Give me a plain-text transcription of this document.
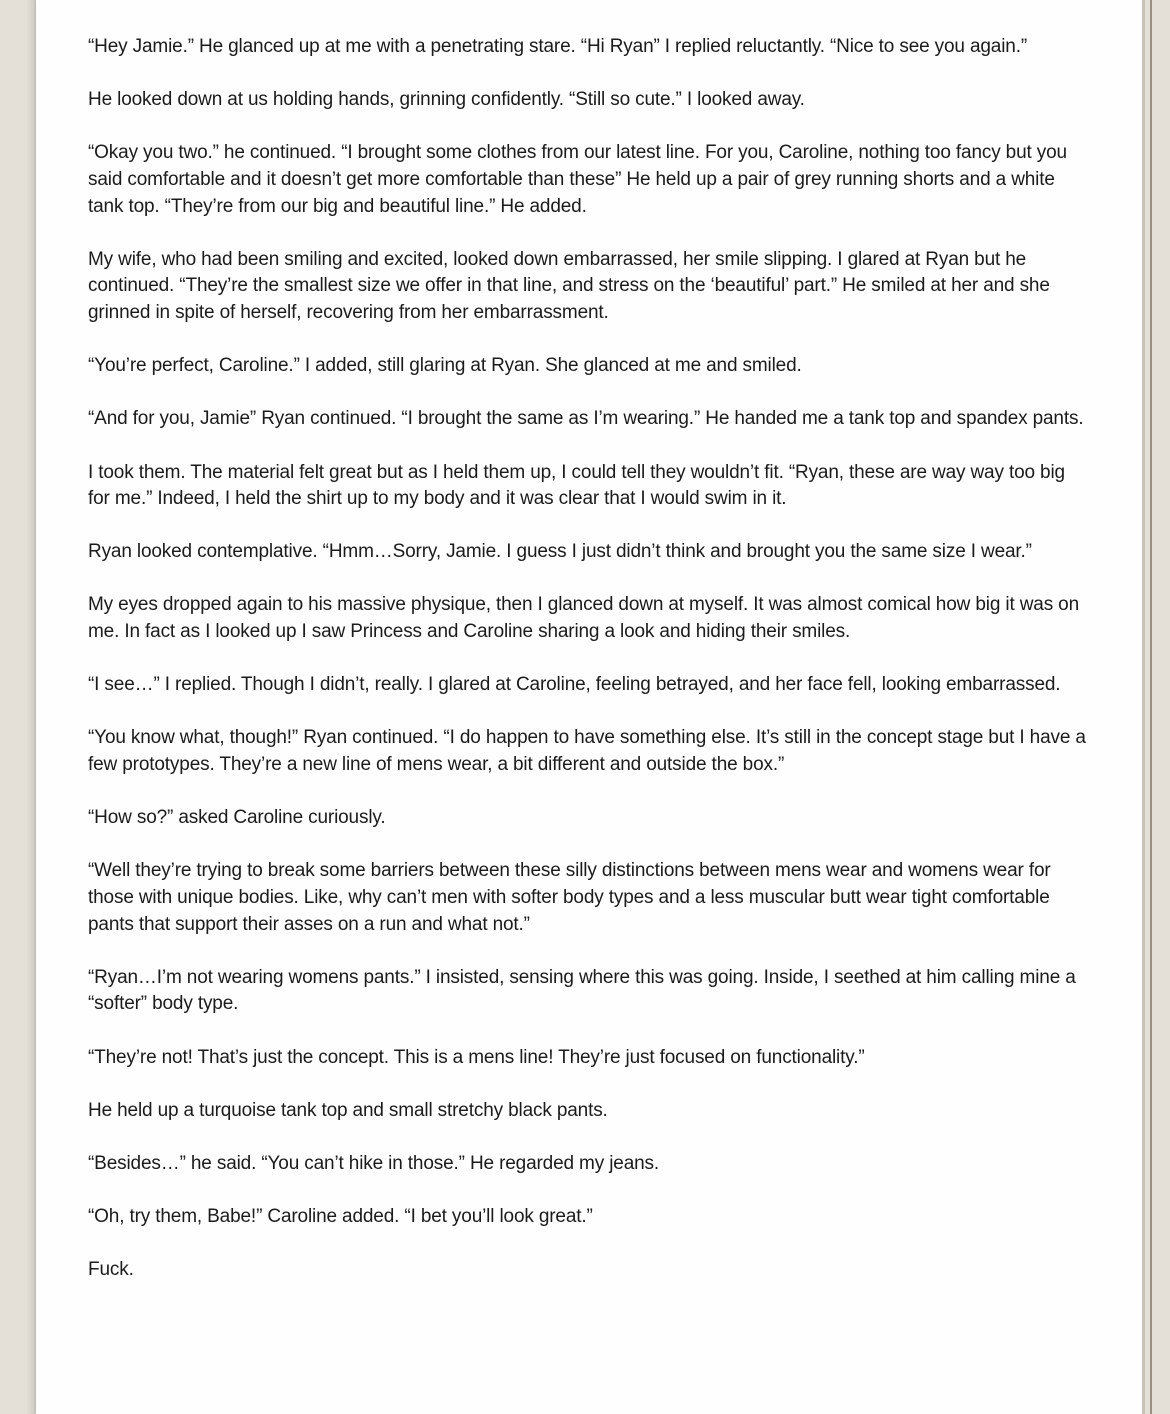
“Hey Jamie.” He glanced up at me with a penetrating stare. “Hi Ryan” I replied reluctantly. “Nice to see you again.”

He looked down at us holding hands, grinning confidently. “Still so cute.” I looked away.

“Okay you two.” he continued. “I brought some clothes from our latest line. For you, Caroline, nothing too fancy but you said comfortable and it doesn’t get more comfortable than these” He held up a pair of grey running shorts and a white tank top. “They’re from our big and beautiful line.” He added.

My wife, who had been smiling and excited, looked down embarrassed, her smile slipping. I glared at Ryan but he continued. “They’re the smallest size we offer in that line, and stress on the ‘beautiful’ part.” He smiled at her and she grinned in spite of herself, recovering from her embarrassment.

“You’re perfect, Caroline.” I added, still glaring at Ryan. She glanced at me and smiled.

“And for you, Jamie” Ryan continued. “I brought the same as I’m wearing.” He handed me a tank top and spandex pants.

I took them. The material felt great but as I held them up, I could tell they wouldn’t fit. “Ryan, these are way way too big for me.” Indeed, I held the shirt up to my body and it was clear that I would swim in it.

Ryan looked contemplative. “Hmm…Sorry, Jamie. I guess I just didn’t think and brought you the same size I wear.”

My eyes dropped again to his massive physique, then I glanced down at myself. It was almost comical how big it was on me. In fact as I looked up I saw Princess and Caroline sharing a look and hiding their smiles.

“I see…” I replied. Though I didn’t, really. I glared at Caroline, feeling betrayed, and her face fell, looking embarrassed.

“You know what, though!” Ryan continued. “I do happen to have something else. It’s still in the concept stage but I have a few prototypes. They’re a new line of mens wear, a bit different and outside the box.”

“How so?” asked Caroline curiously.

“Well they’re trying to break some barriers between these silly distinctions between mens wear and womens wear for those with unique bodies. Like, why can’t men with softer body types and a less muscular butt wear tight comfortable pants that support their asses on a run and what not.”

“Ryan…I’m not wearing womens pants.” I insisted, sensing where this was going. Inside, I seethed at him calling mine a “softer” body type.

“They’re not! That’s just the concept. This is a mens line! They’re just focused on functionality.”

He held up a turquoise tank top and small stretchy black pants.

“Besides…” he said. “You can’t hike in those.” He regarded my jeans.

“Oh, try them, Babe!” Caroline added. “I bet you’ll look great.”

Fuck.
